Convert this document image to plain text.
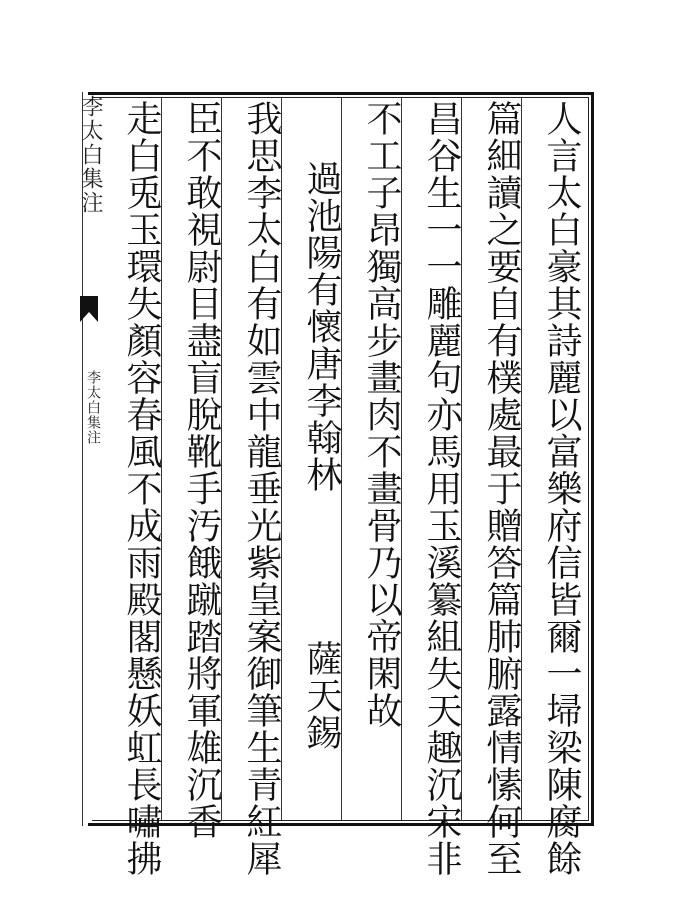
李太白集注
李太白集注	人言太白豪其詩麗以富樂府信皆爾一埽梁陳腐餘
篇細讀之要自有樸處最于贈答篇肺腑露情愫何至
昌谷生一一雕麗句亦馬用玉溪纂組失天趣沉宋非
不工子昂獨高步畫肉不畫骨乃以帝閑故
過池陽有懷唐李翰林
薩天錫
我思李太白有如雲中龍垂光紫皇案御筆生青紅犀
臣不敢視尉目盡盲脫靴手汚餓蹴踏將軍雄沉香
走白兎玉環失顏容春風不成雨殿閣懸妖虹長嘯拂
